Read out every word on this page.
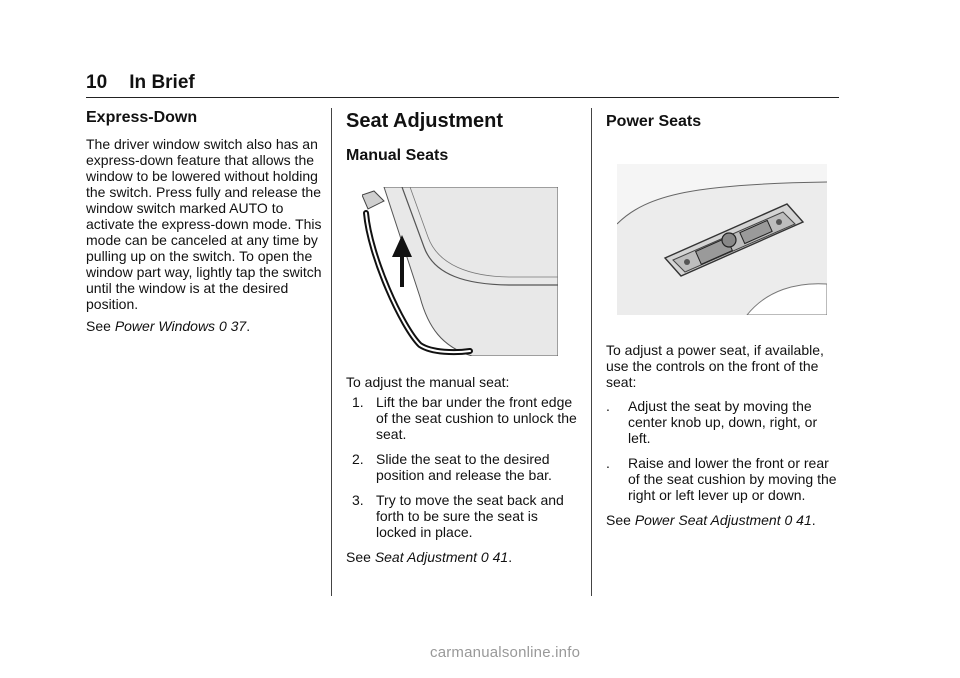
10 In Brief
Express-Down

The driver window switch also has an express-down feature that allows the window to be lowered without holding the switch. Press fully and release the window switch marked AUTO to activate the express-down mode. This mode can be canceled at any time by pulling up on the switch. To open the window part way, lightly tap the switch until the window is at the desired position.

See Power Windows 0 37.

Seat Adjustment
Manual Seats

To adjust the manual seat:

1. Lift the bar under the front edge of the seat cushion to unlock the seat.
2. Slide the seat to the desired position and release the bar.
3. Try to move the seat back and forth to be sure the seat is locked in place.

See Seat Adjustment 0 41.

Power Seats

To adjust a power seat, if available, use the controls on the front of the seat:

. Adjust the seat by moving the center knob up, down, right, or left.
. Raise and lower the front or rear of the seat cushion by moving the right or left lever up or down.

See Power Seat Adjustment 0 41.

carmanualsonline.info
